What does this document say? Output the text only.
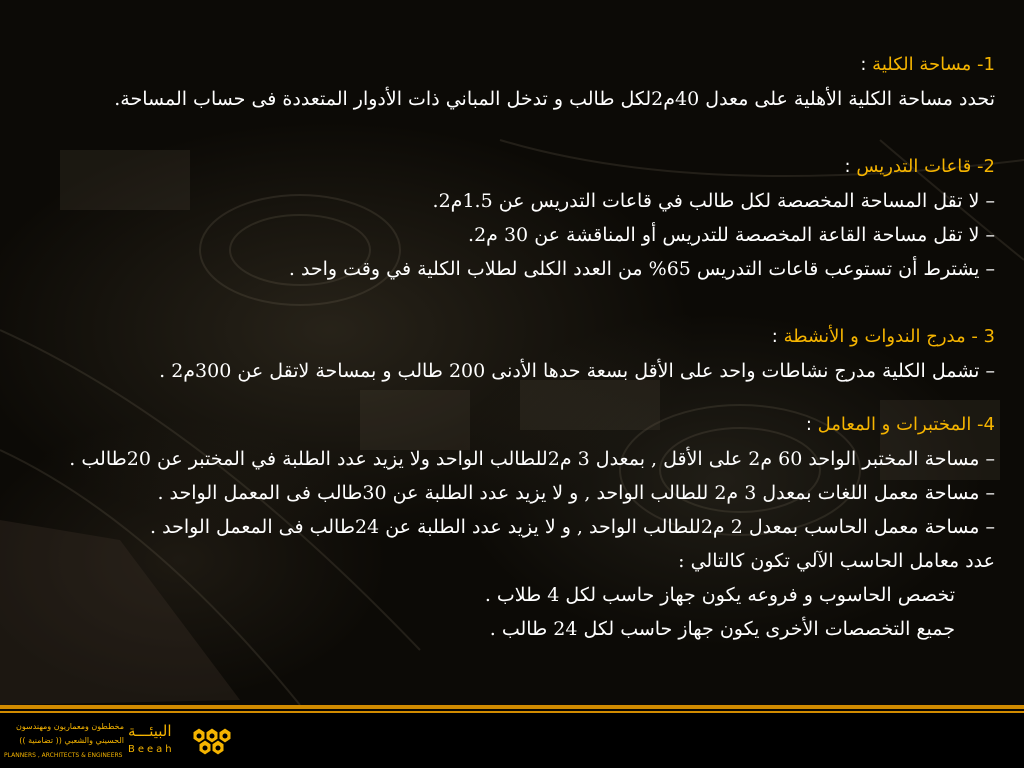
1- مساحة الكلية :
تحدد مساحة الكلية الأهلية على معدل 40م2لكل طالب و تدخل المباني ذات الأدوار المتعددة فى حساب المساحة.
2- قاعات التدريس :
– لا تقل المساحة المخصصة لكل طالب في قاعات التدريس عن 1.5م2.
– لا تقل مساحة القاعة المخصصة للتدريس أو المناقشة عن 30 م2.
– يشترط أن تستوعب قاعات التدريس 65% من العدد الكلى لطلاب الكلية في وقت واحد .
3 - مدرج الندوات و الأنشطة :
– تشمل الكلية مدرج نشاطات واحد على الأقل بسعة حدها الأدنى 200 طالب و بمساحة لاتقل عن 300م2 .
4- المختبرات و المعامل :
– مساحة المختبر الواحد 60 م2 على الأقل , بمعدل 3 م2للطالب الواحد ولا يزيد عدد الطلبة في المختبر عن 20طالب .
– مساحة معمل اللغات بمعدل 3 م2 للطالب الواحد , و لا يزيد عدد الطلبة عن 30طالب فى المعمل الواحد .
– مساحة معمل الحاسب بمعدل 2 م2للطالب الواحد , و لا يزيد عدد الطلبة عن 24طالب فى المعمل الواحد .
عدد معامل الحاسب الآلي تكون كالتالي :
تخصص الحاسوب و فروعه يكون جهاز حاسب لكل 4 طلاب .
جميع التخصصات الأخرى يكون جهاز حاسب لكل 24 طالب .
البيئـــة
Beeah
مخططون ومعماريون ومهندسون
الحسيني والشعبي (( تضامنية ))
PLANNERS , ARCHITECTS & ENGINEERS
